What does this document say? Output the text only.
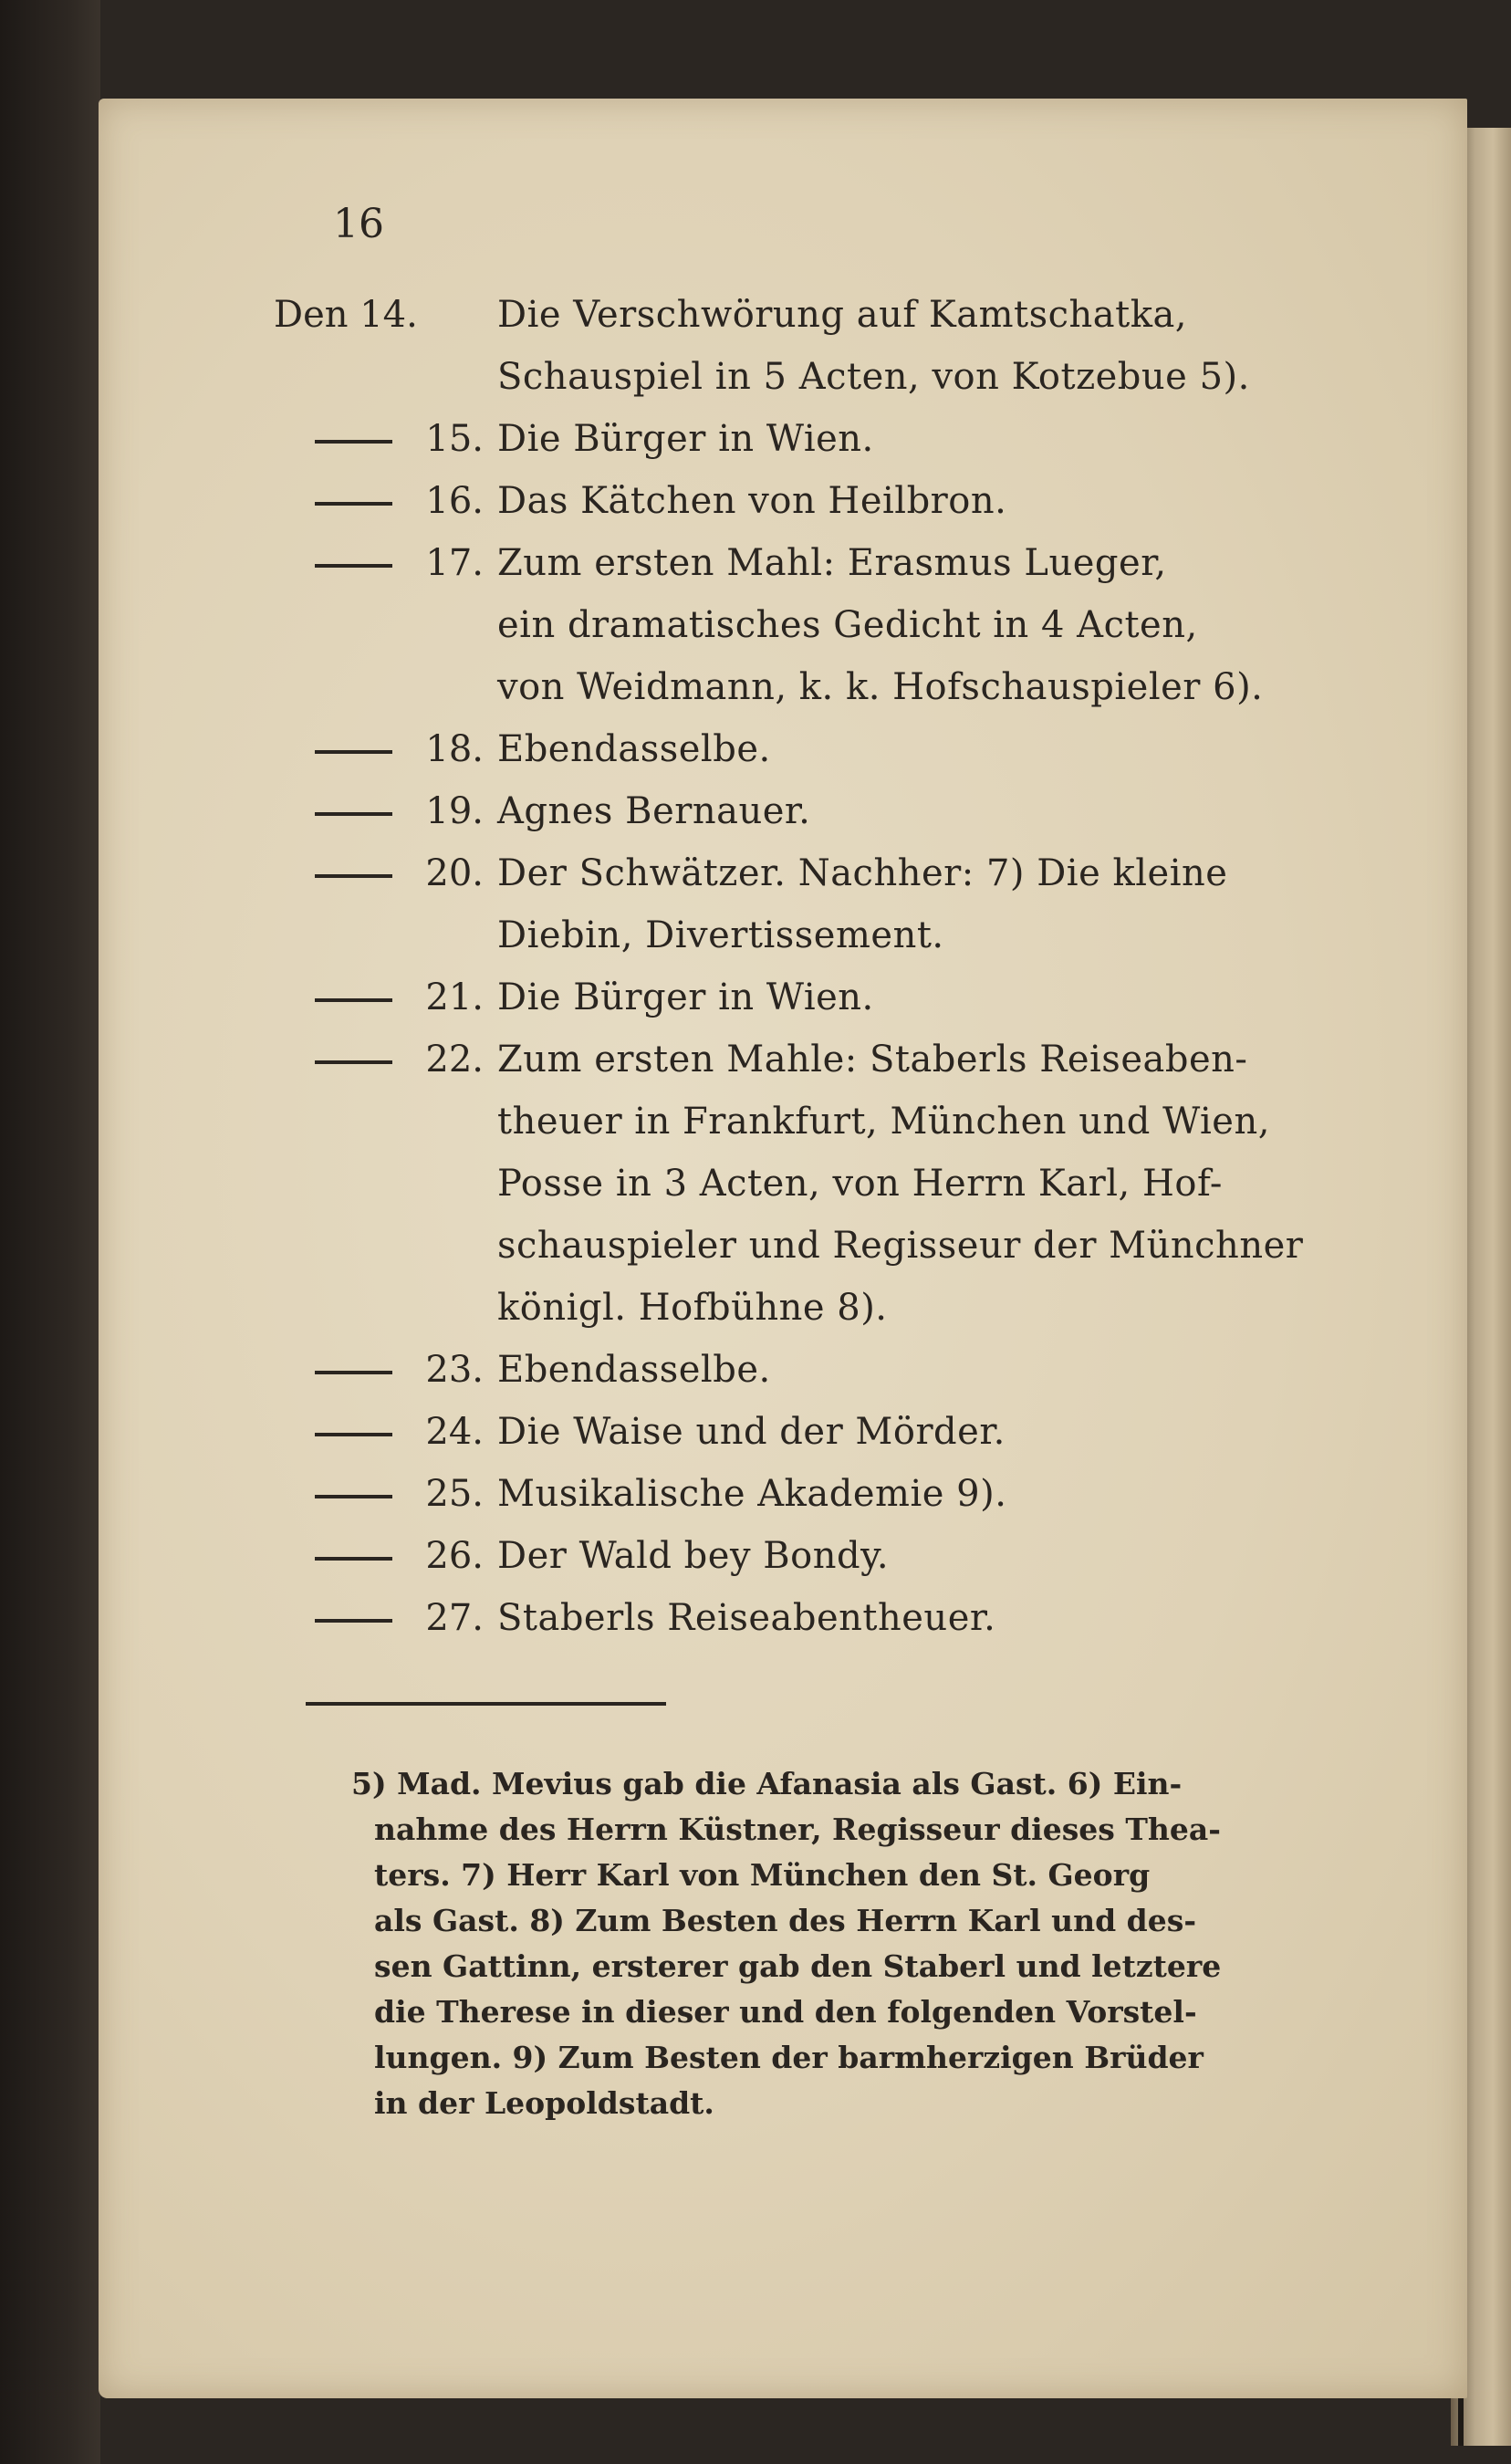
16
Den 14.	Die Verschwörung auf Kamtschatka,
Schauspiel in 5 Acten, von Kotzebue 5).
15. Die Bürger in Wien.
16. Das Kätchen von Heilbron.
17. Zum ersten Mahl: Erasmus Lueger,
ein dramatisches Gedicht in 4 Acten,
von Weidmann, k. k. Hofschauspieler 6).
18. Ebendasselbe.
19. Agnes Bernauer.
20. Der Schwätzer. Nachher: 7) Die kleine
Diebin, Divertissement.
21. Die Bürger in Wien.
22. Zum ersten Mahle: Staberls Reiseaben-
theuer in Frankfurt, München und Wien,
Posse in 3 Acten, von Herrn Karl, Hof-
schauspieler und Regisseur der Münchner
königl. Hofbühne 8).
23. Ebendasselbe.
24. Die Waise und der Mörder.
25. Musikalische Akademie 9).
26. Der Wald bey Bondy.
27. Staberls Reiseabentheuer.
5) Mad. Mevius gab die Afanasia als Gast. 6) Ein-
nahme des Herrn Küstner, Regisseur dieses Thea-
ters. 7) Herr Karl von München den St. Georg
als Gast. 8) Zum Besten des Herrn Karl und des-
sen Gattinn, ersterer gab den Staberl und letztere
die Therese in dieser und den folgenden Vorstel-
lungen. 9) Zum Besten der barmherzigen Brüder
in der Leopoldstadt.
